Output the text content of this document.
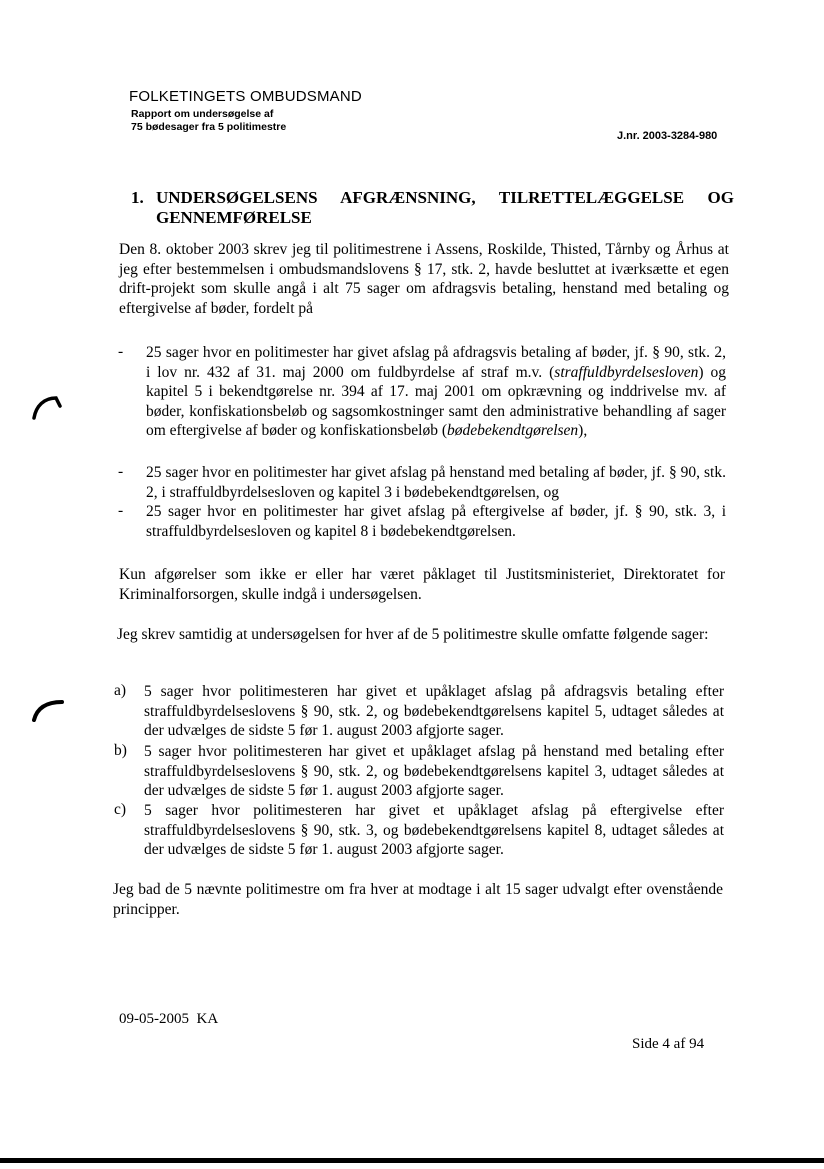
FOLKETINGETS OMBUDSMAND
Rapport om undersøgelse af
75 bødesager fra 5 politimestre
J.nr. 2003-3284-980
1. UNDERSØGELSENS AFGRÆNSNING, TILRETTELÆGGELSE OG GENNEMFØRELSE
Den 8. oktober 2003 skrev jeg til politimestrene i Assens, Roskilde, Thisted, Tårnby og Århus at jeg efter bestemmelsen i ombudsmandslovens § 17, stk. 2, havde besluttet at iværksætte et egen drift-projekt som skulle angå i alt 75 sager om afdragsvis betaling, henstand med betaling og eftergivelse af bøder, fordelt på
- 25 sager hvor en politimester har givet afslag på afdragsvis betaling af bøder, jf. § 90, stk. 2, i lov nr. 432 af 31. maj 2000 om fuldbyrdelse af straf m.v. (straffuldbyrdelsesloven) og kapitel 5 i bekendtgørelse nr. 394 af 17. maj 2001 om opkrævning og inddrivelse mv. af bøder, konfiskationsbeløb og sagsomkostninger samt den administrative behandling af sager om eftergivelse af bøder og konfiskationsbeløb (bødebekendtgørelsen),
- 25 sager hvor en politimester har givet afslag på henstand med betaling af bøder, jf. § 90, stk. 2, i straffuldbyrdelsesloven og kapitel 3 i bødebekendtgørelsen, og
- 25 sager hvor en politimester har givet afslag på eftergivelse af bøder, jf. § 90, stk. 3, i straffuldbyrdelsesloven og kapitel 8 i bødebekendtgørelsen.
Kun afgørelser som ikke er eller har været påklaget til Justitsministeriet, Direktoratet for Kriminalforsorgen, skulle indgå i undersøgelsen.
Jeg skrev samtidig at undersøgelsen for hver af de 5 politimestre skulle omfatte følgende sager:
a) 5 sager hvor politimesteren har givet et upåklaget afslag på afdragsvis betaling efter straffuldbyrdelseslovens § 90, stk. 2, og bødebekendtgørelsens kapitel 5, udtaget således at der udvælges de sidste 5 før 1. august 2003 afgjorte sager.
b) 5 sager hvor politimesteren har givet et upåklaget afslag på henstand med betaling efter straffuldbyrdelseslovens § 90, stk. 2, og bødebekendtgørelsens kapitel 3, udtaget således at der udvælges de sidste 5 før 1. august 2003 afgjorte sager.
c) 5 sager hvor politimesteren har givet et upåklaget afslag på eftergivelse efter straffuldbyrdelseslovens § 90, stk. 3, og bødebekendtgørelsens kapitel 8, udtaget således at der udvælges de sidste 5 før 1. august 2003 afgjorte sager.
Jeg bad de 5 nævnte politimestre om fra hver at modtage i alt 15 sager udvalgt efter ovenstående principper.
09-05-2005 KA
Side 4 af 94
